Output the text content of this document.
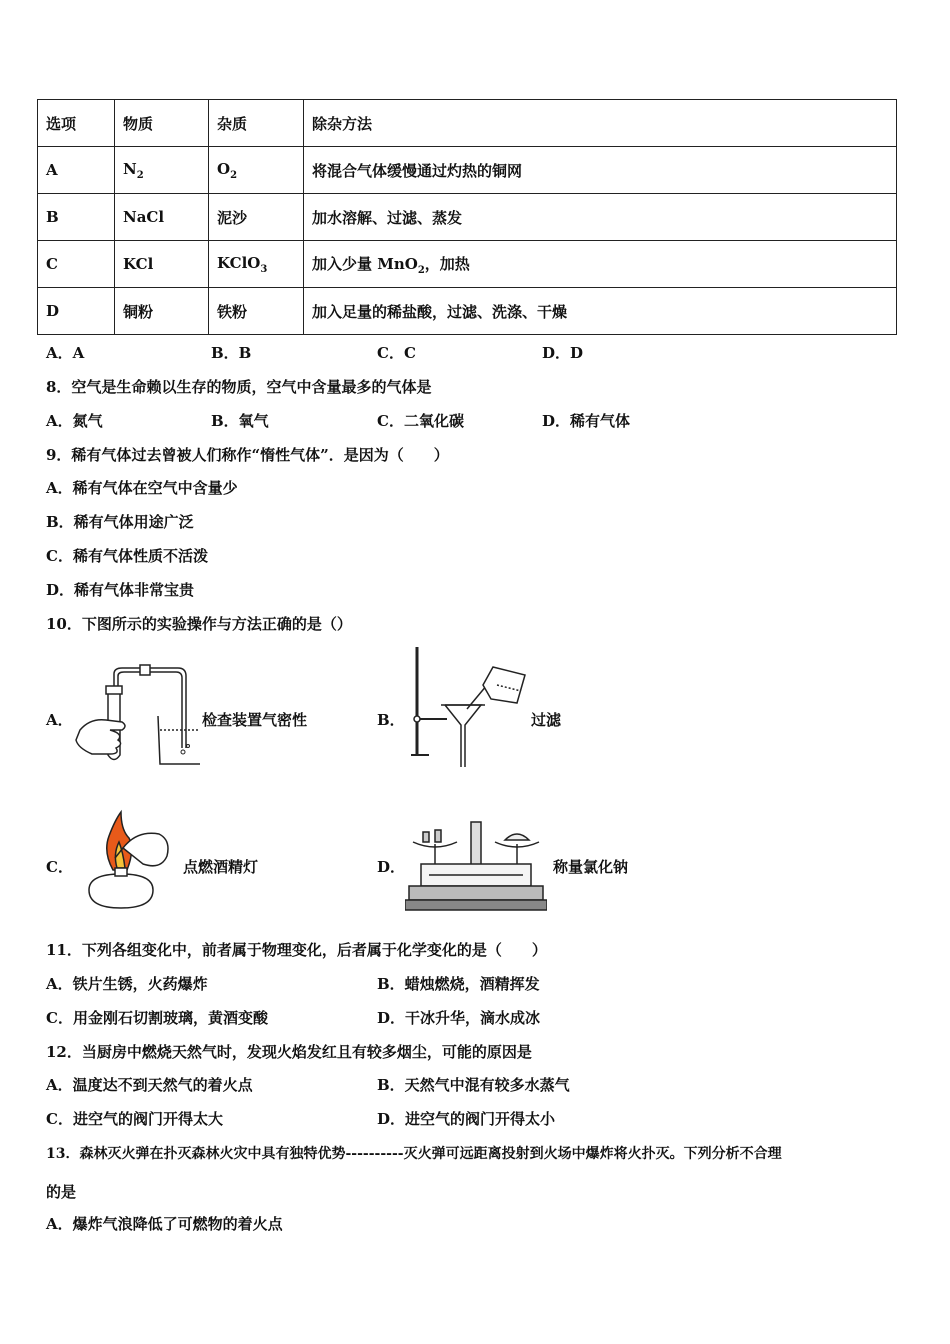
选项	物质	杂质	除杂方法
A	$N_2$	$O_2$	将混合气体缓慢通过灼热的铜网
B	NaCl	泥沙	加水溶解、过滤、蒸发
C	KCl	KClO$_3$	加入少量 MnO$_2$，加热
D	铜粉	铁粉	加入足量的稀盐酸，过滤、洗涤、干燥
A．A	B．B	C．C	D．D
8．空气是生命赖以生存的物质，空气中含量最多的气体是
A．氮气	B．氧气	C．二氧化碳	D．稀有气体
9．稀有气体过去曾被人们称作“惰性气体”．是因为（　　）
A．稀有气体在空气中含量少
B．稀有气体用途广泛
C．稀有气体性质不活泼
D．稀有气体非常宝贵
10．下图所示的实验操作与方法正确的是（）
A．	检查装置气密性	B．	过滤
C．	点燃酒精灯	D．	称量氯化钠
11．下列各组变化中，前者属于物理变化，后者属于化学变化的是（　　）
A．铁片生锈，火药爆炸	B．蜡烛燃烧，酒精挥发
C．用金刚石切割玻璃，黄酒变酸	D．干冰升华，滴水成冰
12．当厨房中燃烧天然气时，发现火焰发红且有较多烟尘，可能的原因是
A．温度达不到天然气的着火点	B．天然气中混有较多水蒸气
C．进空气的阀门开得太大	D．进空气的阀门开得太小
13．森林灭火弹在扑灭森林火灾中具有独特优势----------灭火弹可远距离投射到火场中爆炸将火扑灭。下列分析不合理
的是
A．爆炸气浪降低了可燃物的着火点
